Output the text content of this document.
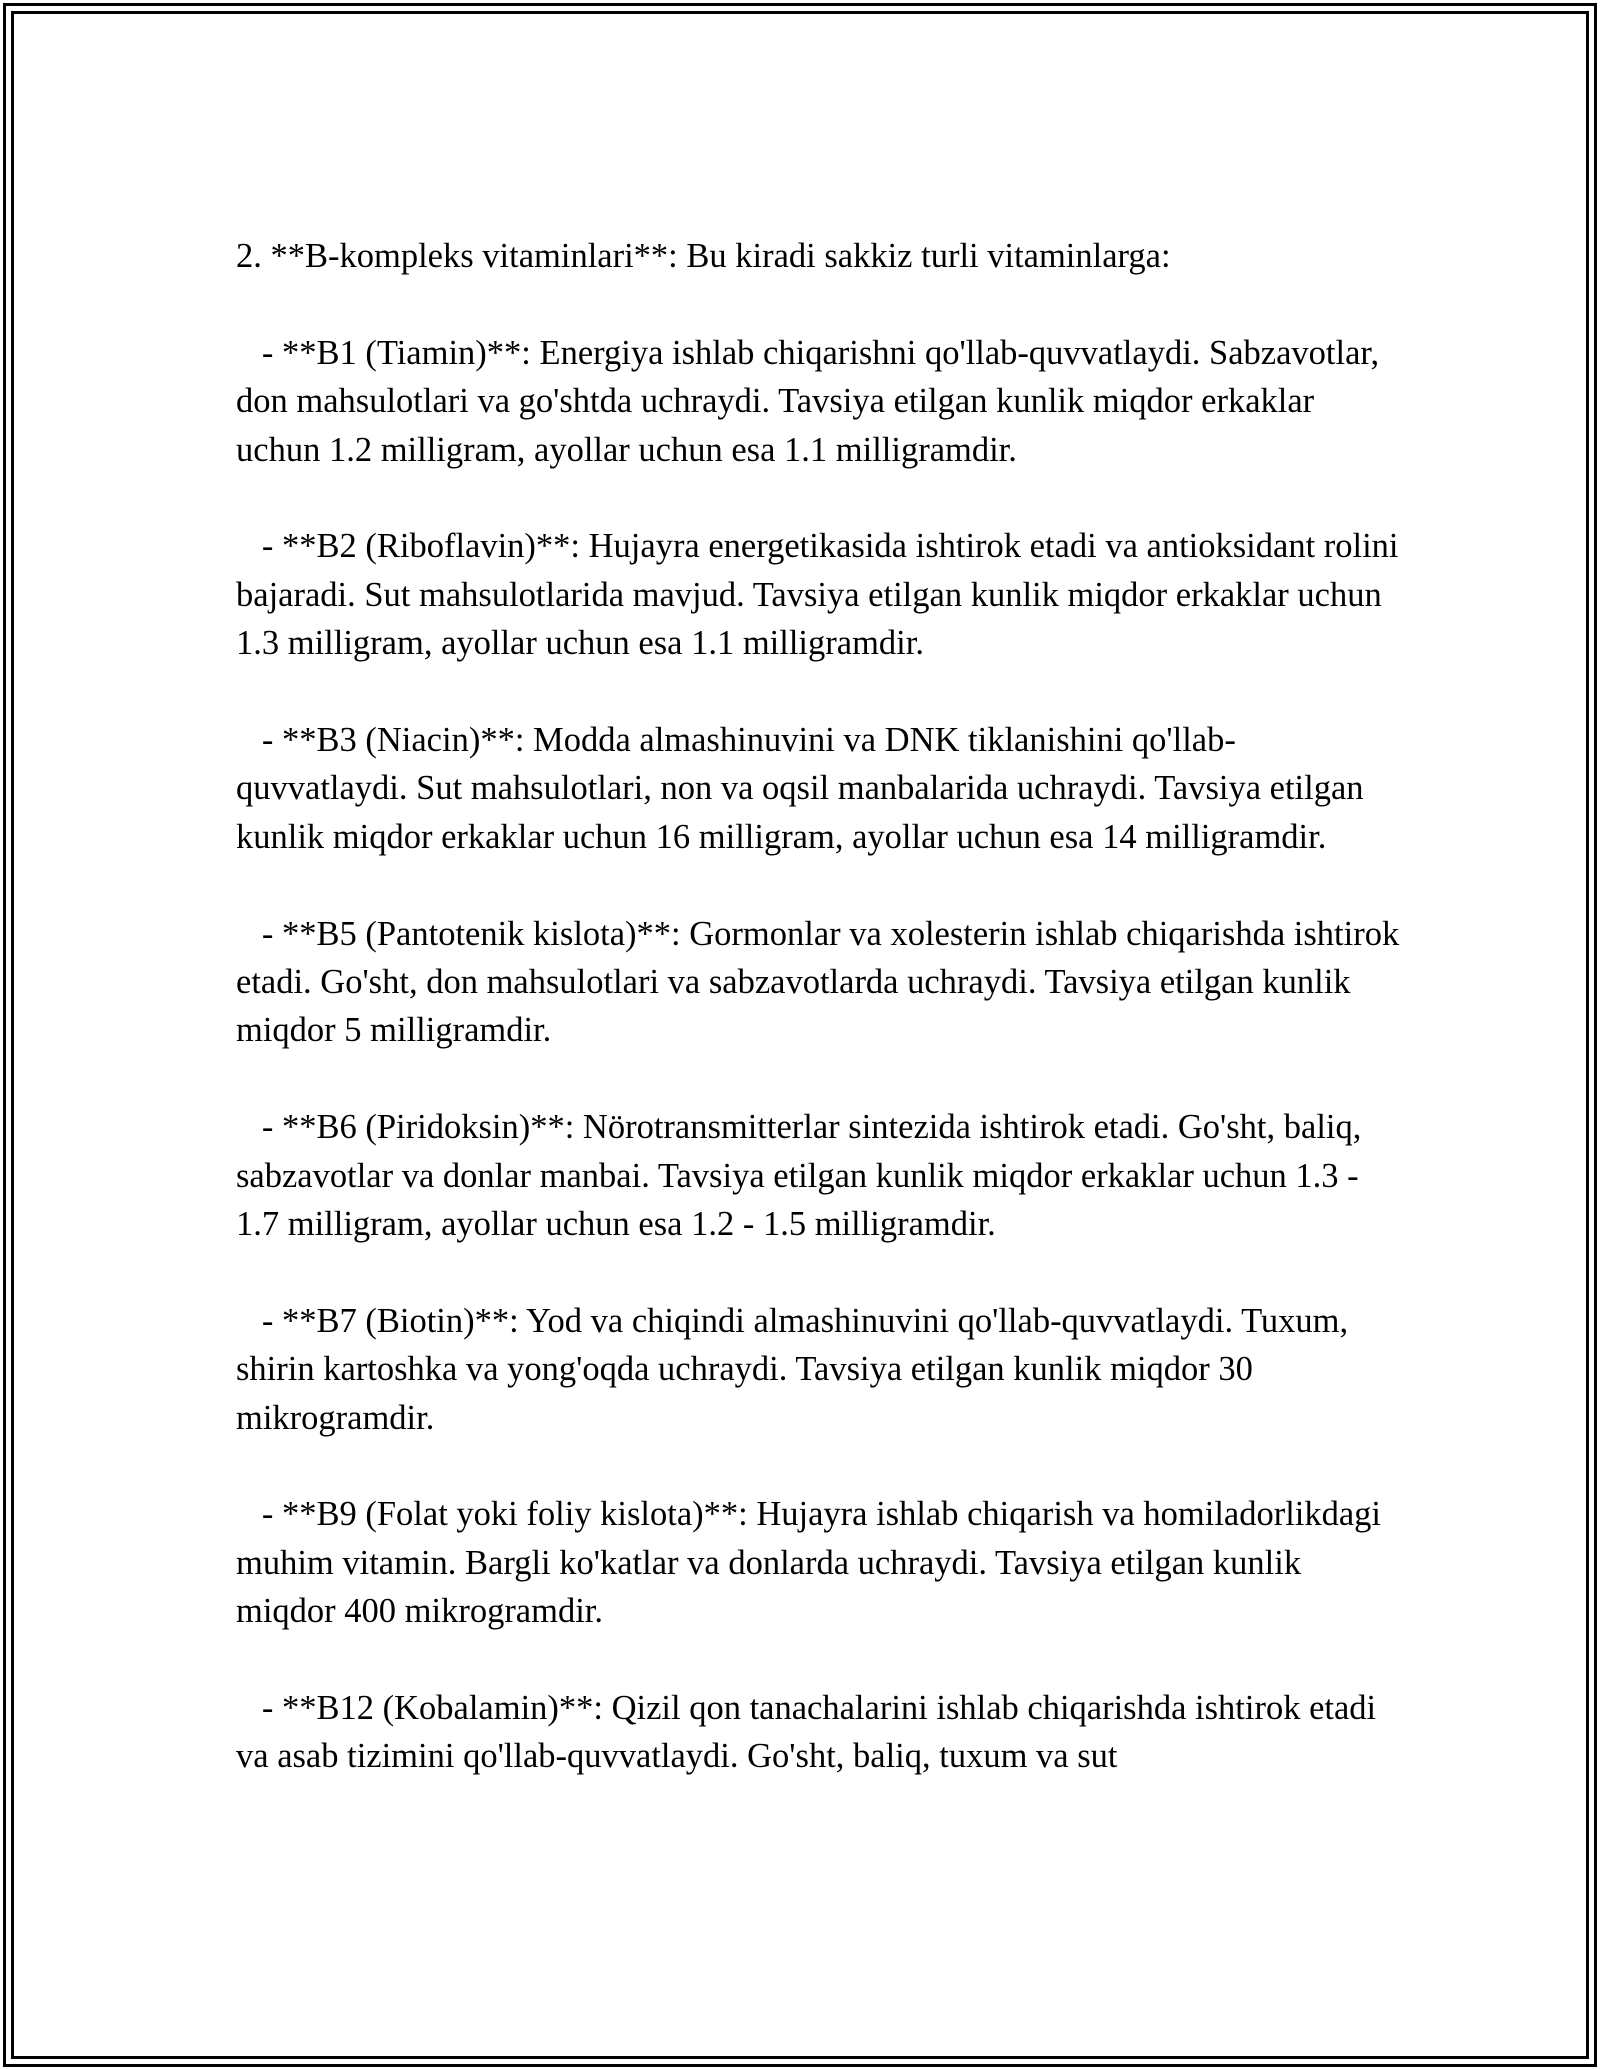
2. **B-kompleks vitaminlari**: Bu kiradi sakkiz turli vitaminlarga:

- **B1 (Tiamin)**: Energiya ishlab chiqarishni qo'llab-quvvatlaydi. Sabzavotlar, don mahsulotlari va go'shtda uchraydi. Tavsiya etilgan kunlik miqdor erkaklar uchun 1.2 milligram, ayollar uchun esa 1.1 milligramdir.

- **B2 (Riboflavin)**: Hujayra energetikasida ishtirok etadi va antioksidant rolini bajaradi. Sut mahsulotlarida mavjud. Tavsiya etilgan kunlik miqdor erkaklar uchun 1.3 milligram, ayollar uchun esa 1.1 milligramdir.

- **B3 (Niacin)**: Modda almashinuvini va DNK tiklanishini qo'llab-quvvatlaydi. Sut mahsulotlari, non va oqsil manbalarida uchraydi. Tavsiya etilgan kunlik miqdor erkaklar uchun 16 milligram, ayollar uchun esa 14 milligramdir.

- **B5 (Pantotenik kislota)**: Gormonlar va xolesterin ishlab chiqarishda ishtirok etadi. Go'sht, don mahsulotlari va sabzavotlarda uchraydi. Tavsiya etilgan kunlik miqdor 5 milligramdir.

- **B6 (Piridoksin)**: Nörotransmitterlar sintezida ishtirok etadi. Go'sht, baliq, sabzavotlar va donlar manbai. Tavsiya etilgan kunlik miqdor erkaklar uchun 1.3 - 1.7 milligram, ayollar uchun esa 1.2 - 1.5 milligramdir.

- **B7 (Biotin)**: Yod va chiqindi almashinuvini qo'llab-quvvatlaydi. Tuxum, shirin kartoshka va yong'oqda uchraydi. Tavsiya etilgan kunlik miqdor 30 mikrogramdir.

- **B9 (Folat yoki foliy kislota)**: Hujayra ishlab chiqarish va homiladorlikdagi muhim vitamin. Bargli ko'katlar va donlarda uchraydi. Tavsiya etilgan kunlik miqdor 400 mikrogramdir.

- **B12 (Kobalamin)**: Qizil qon tanachalarini ishlab chiqarishda ishtirok etadi va asab tizimini qo'llab-quvvatlaydi. Go'sht, baliq, tuxum va sut
